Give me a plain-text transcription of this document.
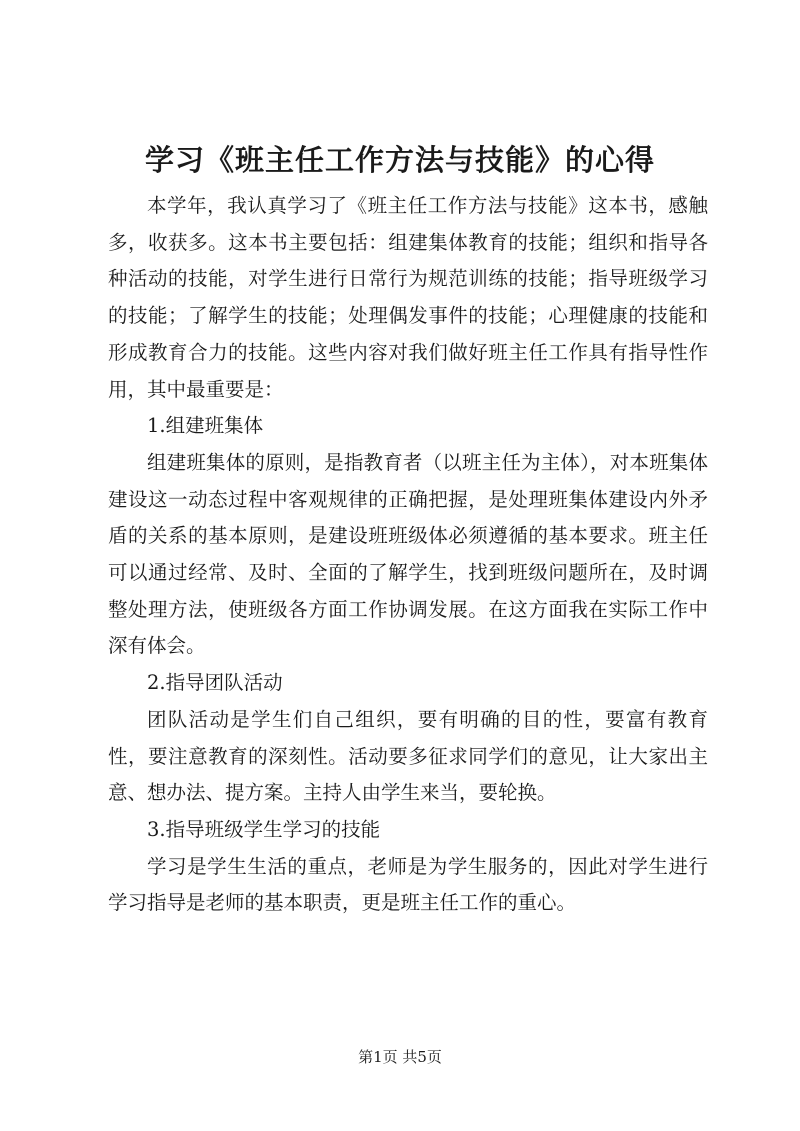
学习《班主任工作方法与技能》的心得

本学年，我认真学习了《班主任工作方法与技能》这本书，感触多，收获多。这本书主要包括：组建集体教育的技能；组织和指导各种活动的技能，对学生进行日常行为规范训练的技能；指导班级学习的技能；了解学生的技能；处理偶发事件的技能；心理健康的技能和形成教育合力的技能。这些内容对我们做好班主任工作具有指导性作用，其中最重要是：

1.组建班集体

组建班集体的原则，是指教育者（以班主任为主体），对本班集体建设这一动态过程中客观规律的正确把握，是处理班集体建设内外矛盾的关系的基本原则，是建设班班级体必须遵循的基本要求。班主任可以通过经常、及时、全面的了解学生，找到班级问题所在，及时调整处理方法，使班级各方面工作协调发展。在这方面我在实际工作中深有体会。

2.指导团队活动

团队活动是学生们自己组织，要有明确的目的性，要富有教育性，要注意教育的深刻性。活动要多征求同学们的意见，让大家出主意、想办法、提方案。主持人由学生来当，要轮换。

3.指导班级学生学习的技能

学习是学生生活的重点，老师是为学生服务的，因此对学生进行学习指导是老师的基本职责，更是班主任工作的重心。

第1页 共5页
